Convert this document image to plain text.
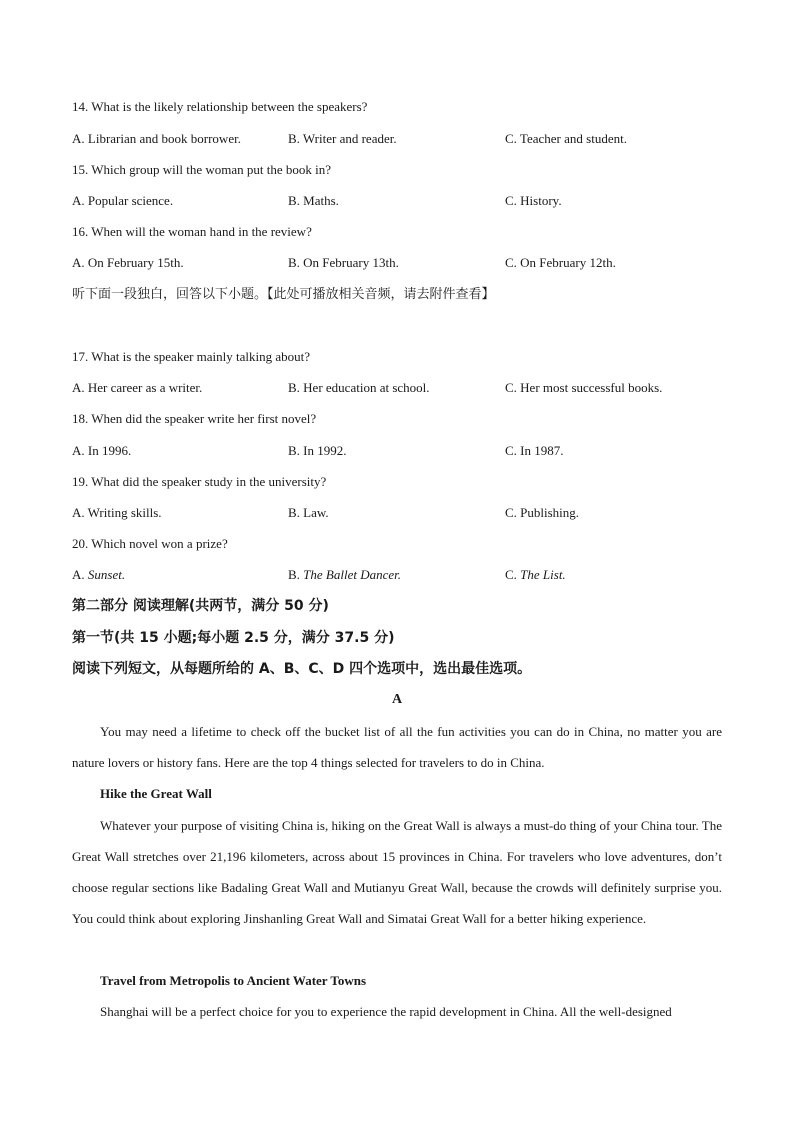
14. What is the likely relationship between the speakers?
A. Librarian and book borrower.	B. Writer and reader.	C. Teacher and student.
15. Which group will the woman put the book in?
A. Popular science.	B. Maths.	C. History.
16. When will the woman hand in the review?
A. On February 15th.	B. On February 13th.	C. On February 12th.
听下面一段独白，回答以下小题。【此处可播放相关音频，请去附件查看】
17. What is the speaker mainly talking about?
A. Her career as a writer.	B. Her education at school.	C. Her most successful books.
18. When did the speaker write her first novel?
A. In 1996.	B. In 1992.	C. In 1987.
19. What did the speaker study in the university?
A. Writing skills.	B. Law.	C. Publishing.
20. Which novel won a prize?
A. Sunset.	B. The Ballet Dancer.	C. The List.
第二部分 阅读理解(共两节，满分 50 分)
第一节(共 15 小题;每小题 2.5 分，满分 37.5 分)
阅读下列短文，从每题所给的 A、B、C、D 四个选项中，选出最佳选项。
A
You may need a lifetime to check off the bucket list of all the fun activities you can do in China, no matter you are nature lovers or history fans. Here are the top 4 things selected for travelers to do in China.
Hike the Great Wall
Whatever your purpose of visiting China is, hiking on the Great Wall is always a must-do thing of your China tour. The Great Wall stretches over 21,196 kilometers, across about 15 provinces in China. For travelers who love adventures, don’t choose regular sections like Badaling Great Wall and Mutianyu Great Wall, because the crowds will definitely surprise you. You could think about exploring Jinshanling Great Wall and Simatai Great Wall for a better hiking experience.
Travel from Metropolis to Ancient Water Towns
Shanghai will be a perfect choice for you to experience the rapid development in China. All the well-designed
